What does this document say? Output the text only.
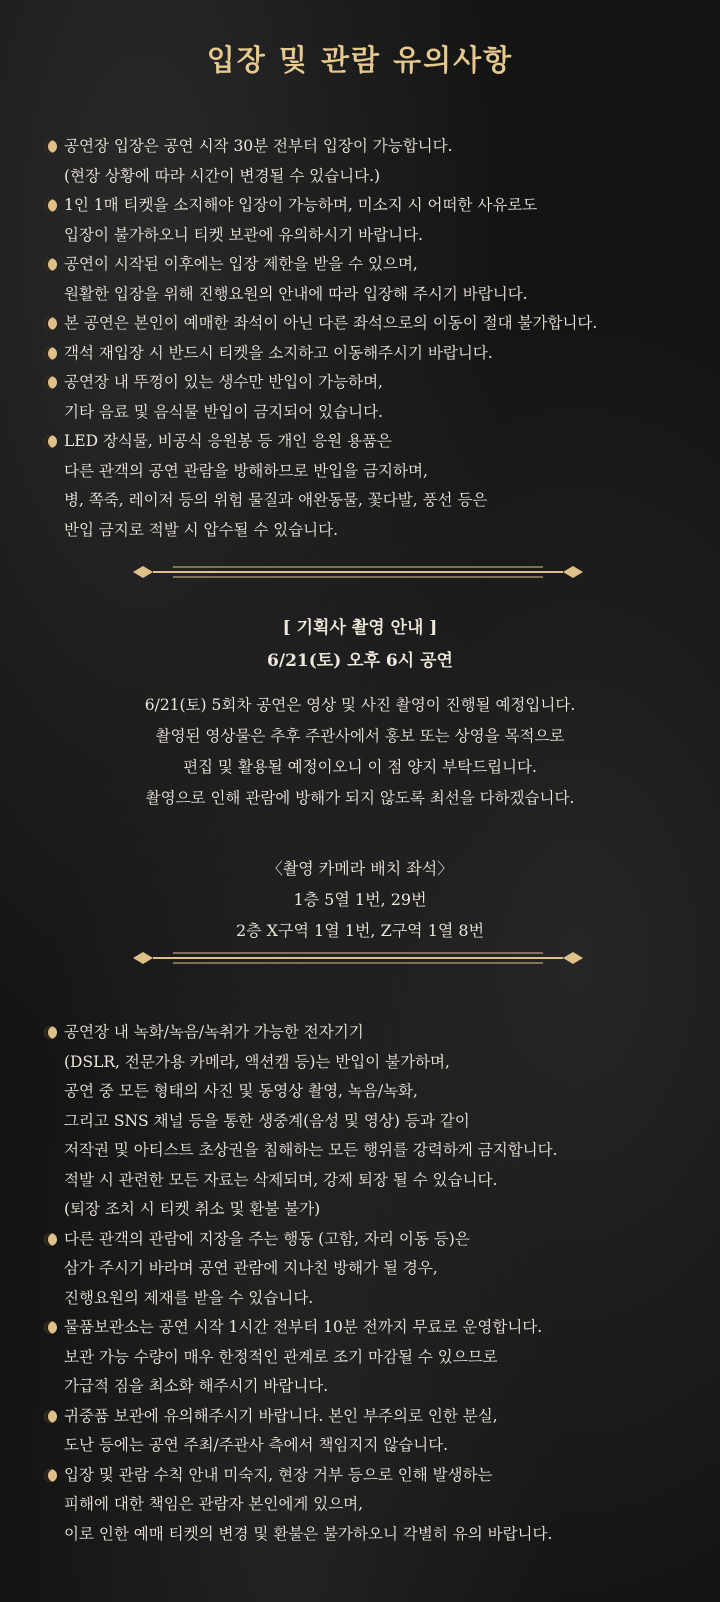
입장 및 관람 유의사항
공연장 입장은 공연 시작 30분 전부터 입장이 가능합니다.
(현장 상황에 따라 시간이 변경될 수 있습니다.)
1인 1매 티켓을 소지해야 입장이 가능하며, 미소지 시 어떠한 사유로도
입장이 불가하오니 티켓 보관에 유의하시기 바랍니다.
공연이 시작된 이후에는 입장 제한을 받을 수 있으며,
원활한 입장을 위해 진행요원의 안내에 따라 입장해 주시기 바랍니다.
본 공연은 본인이 예매한 좌석이 아닌 다른 좌석으로의 이동이 절대 불가합니다.
객석 재입장 시 반드시 티켓을 소지하고 이동해주시기 바랍니다.
공연장 내 뚜껑이 있는 생수만 반입이 가능하며,
기타 음료 및 음식물 반입이 금지되어 있습니다.
LED 장식물, 비공식 응원봉 등 개인 응원 용품은
다른 관객의 공연 관람을 방해하므로 반입을 금지하며,
병, 쪽죽, 레이저 등의 위험 물질과 애완동물, 꽃다발, 풍선 등은
반입 금지로 적발 시 압수될 수 있습니다.
[ 기획사 촬영 안내 ]
6/21(토) 오후 6시 공연
6/21(토) 5회차 공연은 영상 및 사진 촬영이 진행될 예정입니다.
촬영된 영상물은 추후 주관사에서 홍보 또는 상영을 목적으로
편집 및 활용될 예정이오니 이 점 양지 부탁드립니다.
촬영으로 인해 관람에 방해가 되지 않도록 최선을 다하겠습니다.
〈촬영 카메라 배치 좌석〉
1층 5열 1번, 29번
2층 X구역 1열 1번, Z구역 1열 8번
공연장 내 녹화/녹음/녹취가 가능한 전자기기
(DSLR, 전문가용 카메라, 액션캠 등)는 반입이 불가하며,
공연 중 모든 형태의 사진 및 동영상 촬영, 녹음/녹화,
그리고 SNS 채널 등을 통한 생중계(음성 및 영상) 등과 같이
저작권 및 아티스트 초상권을 침해하는 모든 행위를 강력하게 금지합니다.
적발 시 관련한 모든 자료는 삭제되며, 강제 퇴장 될 수 있습니다.
(퇴장 조치 시 티켓 취소 및 환불 불가)
다른 관객의 관람에 지장을 주는 행동 (고함, 자리 이동 등)은
삼가 주시기 바라며 공연 관람에 지나친 방해가 될 경우,
진행요원의 제재를 받을 수 있습니다.
물품보관소는 공연 시작 1시간 전부터 10분 전까지 무료로 운영합니다.
보관 가능 수량이 매우 한정적인 관계로 조기 마감될 수 있으므로
가급적 짐을 최소화 해주시기 바랍니다.
귀중품 보관에 유의해주시기 바랍니다. 본인 부주의로 인한 분실,
도난 등에는 공연 주최/주관사 측에서 책임지지 않습니다.
입장 및 관람 수칙 안내 미숙지, 현장 거부 등으로 인해 발생하는
피해에 대한 책임은 관람자 본인에게 있으며,
이로 인한 예매 티켓의 변경 및 환불은 불가하오니 각별히 유의 바랍니다.
